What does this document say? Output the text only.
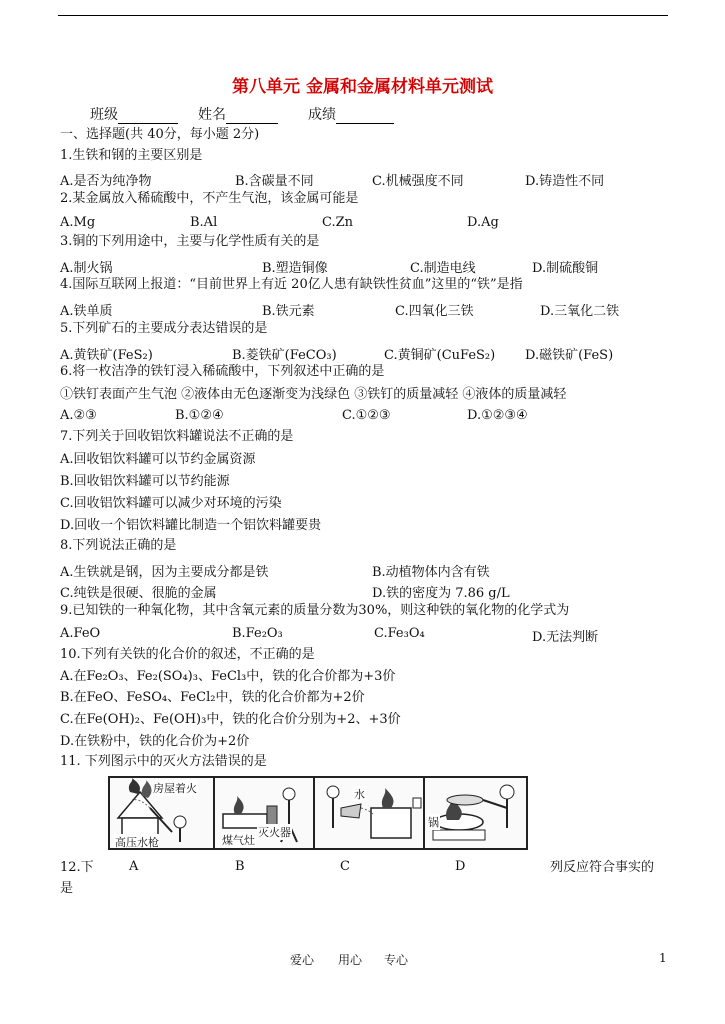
第八单元 金属和金属材料单元测试
班级	姓名	成绩
一、选择题(共 40分，每小题 2分)
1.生铁和钢的主要区别是
A.是否为纯净物	B.含碳量不同	C.机械强度不同	D.铸造性不同
2.某金属放入稀硫酸中，不产生气泡，该金属可能是
A.Mg	B.Al	C.Zn	D.Ag
3.铜的下列用途中，主要与化学性质有关的是
A.制火锅	B.塑造铜像	C.制造电线	D.制硫酸铜
4.国际互联网上报道：“目前世界上有近 20亿人患有缺铁性贫血”这里的“铁”是指
A.铁单质	B.铁元素	C.四氧化三铁	D.三氧化二铁
5.下列矿石的主要成分表达错误的是
A.黄铁矿(FeS₂)	B.菱铁矿(FeCO₃)	C.黄铜矿(CuFeS₂) D.磁铁矿(FeS)
6.将一枚洁净的铁钉浸入稀硫酸中，下列叙述中正确的是
①铁钉表面产生气泡 ②液体由无色逐渐变为浅绿色 ③铁钉的质量减轻 ④液体的质量减轻
A.②③	B.①②④	C.①②③	D.①②③④
7.下列关于回收铝饮料罐说法不正确的是
A.回收铝饮料罐可以节约金属资源
B.回收铝饮料罐可以节约能源
C.回收铝饮料罐可以减少对环境的污染
D.回收一个铝饮料罐比制造一个铝饮料罐要贵
8.下列说法正确的是
A.生铁就是钢，因为主要成分都是铁	B.动植物体内含有铁
C.纯铁是很硬、很脆的金属	D.铁的密度为 7.86 g/L
9.已知铁的一种氧化物，其中含氧元素的质量分数为30%，则这种铁的氧化物的化学式为
A.FeO	B.Fe₂O₃	C.Fe₃O₄	D.无法判断
10.下列有关铁的化合价的叙述，不正确的是
A.在Fe₂O₃、Fe₂(SO₄)₃、FeCl₃中，铁的化合价都为+3价
B.在FeO、FeSO₄、FeCl₂中，铁的化合价都为+2价
C.在Fe(OH)₂、Fe(OH)₃中，铁的化合价分别为+2、+3价
D.在铁粉中，铁的化合价为+2价
11. 下列图示中的灭火方法错误的是
房屋着火
高压水枪	煤气灶
灭火器
水
锅
A	B	C	D
12.下	列反应符合事实的
是
爱心 用心 专心	1
